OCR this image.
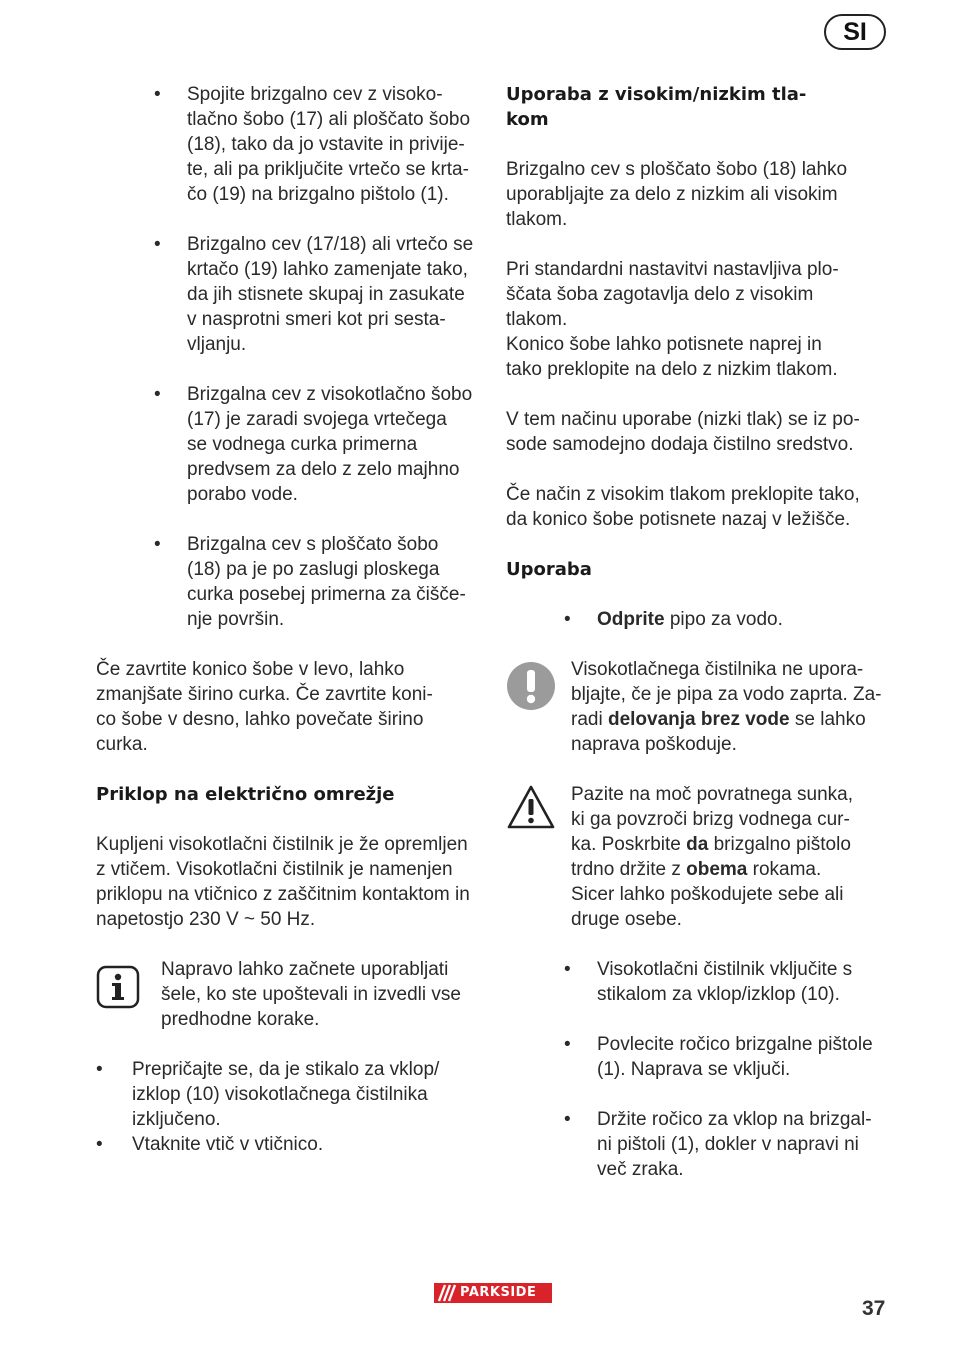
SI
• Spojite brizgalno cev z visoko-
tlačno šobo (17) ali ploščato šobo
(18), tako da jo vstavite in privije-
te, ali pa priključite vrtečo se krta-
čo (19) na brizgalno pištolo (1).
• Brizgalno cev (17/18) ali vrtečo se
krtačo (19) lahko zamenjate tako,
da jih stisnete skupaj in zasukate
v nasprotni smeri kot pri sesta-
vljanju.
• Brizgalna cev z visokotlačno šobo
(17) je zaradi svojega vrtečega
se vodnega curka primerna
predvsem za delo z zelo majhno
porabo vode.
• Brizgalna cev s ploščato šobo
(18) pa je po zaslugi ploskega
curka posebej primerna za čišče-
nje površin.

Če zavrtite konico šobe v levo, lahko
zmanjšate širino curka. Če zavrtite koni-
co šobe v desno, lahko povečate širino
curka.

Priklop na električno omrežje

Kupljeni visokotlačni čistilnik je že opremljen
z vtičem. Visokotlačni čistilnik je namenjen
priklopu na vtičnico z zaščitnim kontaktom in
napetostjo 230 V ~ 50 Hz.

Napravo lahko začnete uporabljati
šele, ko ste upoštevali in izvedli vse
predhodne korake.

• Prepričajte se, da je stikalo za vklop/
izklop (10) visokotlačnega čistilnika
izključeno.
• Vtaknite vtič v vtičnico.
Uporaba z visokim/nizkim tla-
kom

Brizgalno cev s ploščato šobo (18) lahko
uporabljajte za delo z nizkim ali visokim
tlakom.

Pri standardni nastavitvi nastavljiva plo-
ščata šoba zagotavlja delo z visokim
tlakom.

Konico šobe lahko potisnete naprej in
tako preklopite na delo z nizkim tlakom.

V tem načinu uporabe (nizki tlak) se iz po-
sode samodejno dodaja čistilno sredstvo.

Če način z visokim tlakom preklopite tako,
da konico šobe potisnete nazaj v ležišče.

Uporaba
• Odprite pipo za vodo.

Visokotlačnega čistilnika ne upora-
bljajte, če je pipa za vodo zaprta. Za-
radi delovanja brez vode se lahko
naprava poškoduje.

Pazite na moč povratnega sunka,
ki ga povzroči brizg vodnega cur-
ka. Poskrbite da brizgalno pištolo
trdno držite z obema rokama.
Sicer lahko poškodujete sebe ali
druge osebe.

• Visokotlačni čistilnik vključite s
stikalom za vklop/izklop (10).
• Povlecite ročico brizgalne pištole
(1). Naprava se vključi.
• Držite ročico za vklop na brizgal-
ni pištoli (1), dokler v napravi ni
več zraka.
PARKSIDE
37
